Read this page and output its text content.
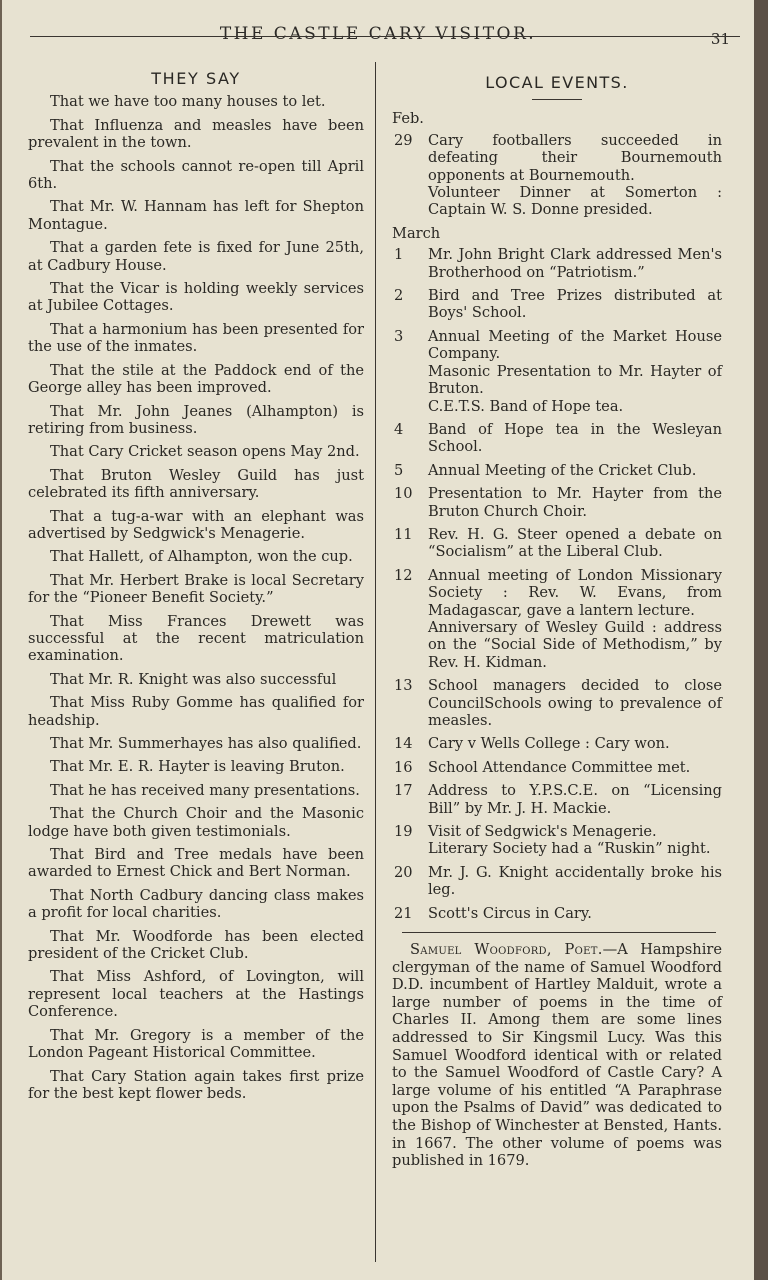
THE CASTLE CARY VISITOR.	31
THEY SAY

That we have too many houses to let.

That Influenza and measles have been prevalent in the town.

That the schools cannot re-open till April 6th.

That Mr. W. Hannam has left for Shepton Montague.

That a garden fete is fixed for June 25th, at Cadbury House.

That the Vicar is holding weekly services at Jubilee Cottages.

That a harmonium has been presented for the use of the inmates.

That the stile at the Paddock end of the George alley has been improved.

That Mr. John Jeanes (Alhampton) is retiring from business.

That Cary Cricket season opens May 2nd.

That Bruton Wesley Guild has just celebrated its fifth anniversary.

That a tug-a-war with an elephant was advertised by Sedgwick's Menagerie.

That Hallett, of Alhampton, won the cup.

That Mr. Herbert Brake is local Secretary for the “Pioneer Benefit Society.”

That Miss Frances Drewett was successful at the recent matriculation examination.

That Mr. R. Knight was also successful

That Miss Ruby Gomme has qualified for headship.

That Mr. Summerhayes has also qualified.

That Mr. E. R. Hayter is leaving Bruton.

That he has received many presentations.

That the Church Choir and the Masonic lodge have both given testimonials.

That Bird and Tree medals have been awarded to Ernest Chick and Bert Norman.

That North Cadbury dancing class makes a profit for local charities.

That Mr. Woodforde has been elected president of the Cricket Club.

That Miss Ashford, of Lovington, will represent local teachers at the Hastings Conference.

That Mr. Gregory is a member of the London Pageant Historical Committee.

That Cary Station again takes first prize for the best kept flower beds.

LOCAL EVENTS.
Feb.
29	Cary footballers succeeded in defeating their Bournemouth opponents at Bournemouth.
Volunteer Dinner at Somerton : Captain W. S. Donne presided.
March
1	Mr. John Bright Clark addressed Men's Brotherhood on “Patriotism.”
2	Bird and Tree Prizes distributed at Boys' School.
3	Annual Meeting of the Market House Company.
Masonic Presentation to Mr. Hayter of Bruton.
C.E.T.S. Band of Hope tea.
4	Band of Hope tea in the Wesleyan School.
5	Annual Meeting of the Cricket Club.
10	Presentation to Mr. Hayter from the Bruton Church Choir.
11	Rev. H. G. Steer opened a debate on “Socialism” at the Liberal Club.
12	Annual meeting of London Missionary Society : Rev. W. Evans, from Madagascar, gave a lantern lecture.
Anniversary of Wesley Guild : address on the “Social Side of Methodism,” by Rev. H. Kidman.
13	School managers decided to close CouncilSchools owing to prevalence of measles.
14	Cary v Wells College : Cary won.
16	School Attendance Committee met.
17	Address to Y.P.S.C.E. on “Licensing Bill” by Mr. J. H. Mackie.
19	Visit of Sedgwick's Menagerie.
Literary Society had a “Ruskin” night.
20	Mr. J. G. Knight accidentally broke his leg.
21	Scott's Circus in Cary.

Samuel Woodford, Poet.—A Hampshire clergyman of the name of Samuel Woodford D.D. incumbent of Hartley Malduit, wrote a large number of poems in the time of Charles II. Among them are some lines addressed to Sir Kingsmil Lucy. Was this Samuel Woodford identical with or related to the Samuel Woodford of Castle Cary? A large volume of his entitled “A Paraphrase upon the Psalms of David” was dedicated to the Bishop of Winchester at Bensted, Hants. in 1667. The other volume of poems was published in 1679.
